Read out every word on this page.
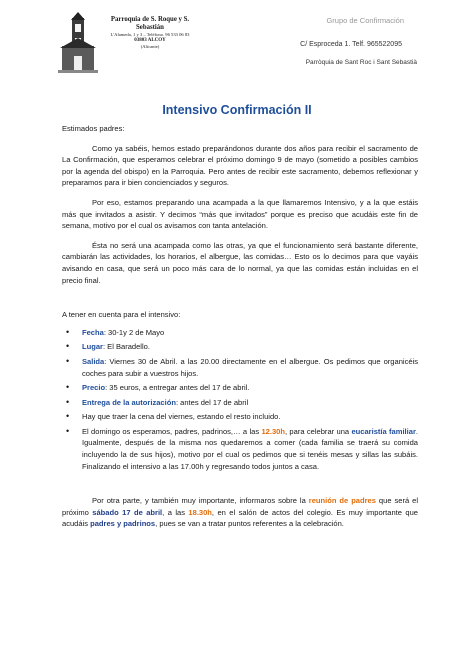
Parroquia de S. Roque y S. Sebastián
L'Alameda, 1 y 3 – Teléfono. 96 533 06 83
03803 ALCOY
(Alicante)
Grupo de Confirmación
C/ Esproceda 1. Telf. 965522095
Parròquia de Sant Roc i Sant Sebastià
Intensivo Confirmación II

Estimados padres:

Como ya sabéis, hemos estado preparándonos durante dos años para recibir el sacramento de La Confirmación, que esperamos celebrar el próximo domingo 9 de mayo (sometido a posibles cambios por la agenda del obispo) en la Parroquia. Pero antes de recibir este sacramento, debemos reflexionar y preparamos para ir bien concienciados y seguros.

Por eso, estamos preparando una acampada a la que llamaremos Intensivo, y a la que estáis más que invitados a asistir. Y decimos “más que invitados” porque es preciso que acudáis este fin de semana, motivo por el cual os avisamos con tanta antelación.

Ésta no será una acampada como las otras, ya que el funcionamiento será bastante diferente, cambiarán las actividades, los horarios, el albergue, las comidas… Esto os lo decimos para que vayáis avisando en casa, que será un poco más cara de lo normal, ya que las comidas están incluidas en el precio final.

A tener en cuenta para el intensivo:

• Fecha: 30-1y 2 de Mayo
• Lugar: El Baradello.
• Salida: Viernes 30 de Abril. a las 20.00 directamente en el albergue. Os pedimos que organicéis coches para subir a vuestros hijos.
• Precio: 35 euros, a entregar antes del 17 de abril.
• Entrega de la autorización: antes del 17 de abril
• Hay que traer la cena del viernes, estando el resto incluido.
• El domingo os esperamos, padres, padrinos,… a las 12.30h, para celebrar una eucaristía familiar. Igualmente, después de la misma nos quedaremos a comer (cada familia se traerá su comida incluyendo la de sus hijos), motivo por el cual os pedimos que si tenéis mesas y sillas las subáis. Finalizando el intensivo a las 17.00h y regresando todos juntos a casa.

Por otra parte, y también muy importante, informaros sobre la reunión de padres que será el próximo sábado 17 de abril, a las 18.30h, en el salón de actos del colegio. Es muy importante que acudáis padres y padrinos, pues se van a tratar puntos referentes a la celebración.
